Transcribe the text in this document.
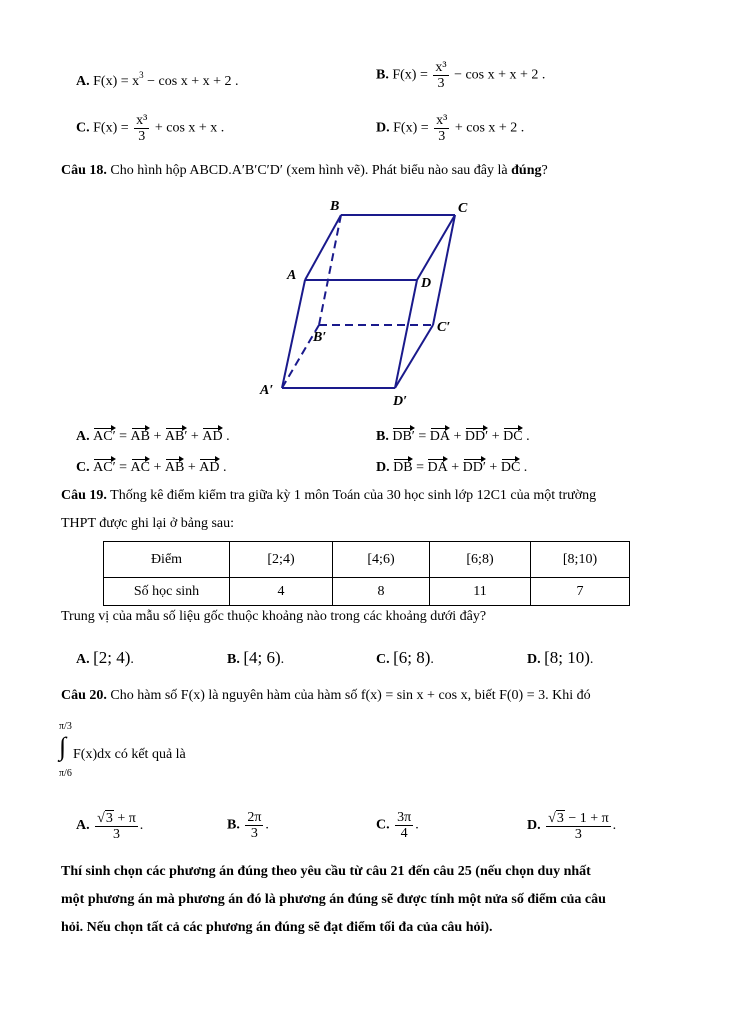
A. $F(x) = x^3 - \cos x + x + 2$ .	B. $F(x) = \frac{\text{x³}}{3} - \cos x + x + 2$ .
C. $F(x) = \frac{\text{x³}}{3} + \cos x + x$ .	D. $F(x) = \frac{\text{x³}}{3} + \cos x + 2$ .
Câu 18. Cho hình hộp ABCD.A′B′C′D′ (xem hình vẽ). Phát biểu nào sau đây là đúng?
B	C
A
D
B′
C′
A′
D′
A. AC′ = AB + AB′ + AD .	B. DB′ = DA + DD′ + DC .
C. AC′ = AC + AB + AD .	D. DB = DA + DD′ + DC .
Câu 19. Thống kê điểm kiểm tra giữa kỳ 1 môn Toán của 30 học sinh lớp 12C1 của một trường
THPT được ghi lại ở bảng sau:
Điểm	[2;4)	[4;6)	[6;8)	[8;10)
Số học sinh	4	8	11	7
Trung vị của mẫu số liệu gốc thuộc khoảng nào trong các khoảng dưới đây?
A. [2; 4).	B. [4; 6).	C. [6; 8).	D. [8; 10).
Câu 20. Cho hàm số F(x) là nguyên hàm của hàm số f(x) = sin x + cos x, biết F(0) = 3. Khi đó
π/3
∫
π/6
F(x)dx có kết quả là
A. $\frac{√3 + \pi}{3}$ .	B. $\frac{2\pi}{3}$ .	C. $\frac{3\pi}{4}$ .	D. $\frac{√3 - 1 + \pi}{3}$ .
Thí sinh chọn các phương án đúng theo yêu cầu từ câu 21 đến câu 25 (nếu chọn duy nhất
một phương án mà phương án đó là phương án đúng sẽ được tính một nửa số điểm của câu
hỏi. Nếu chọn tất cả các phương án đúng sẽ đạt điểm tối đa của câu hỏi).
